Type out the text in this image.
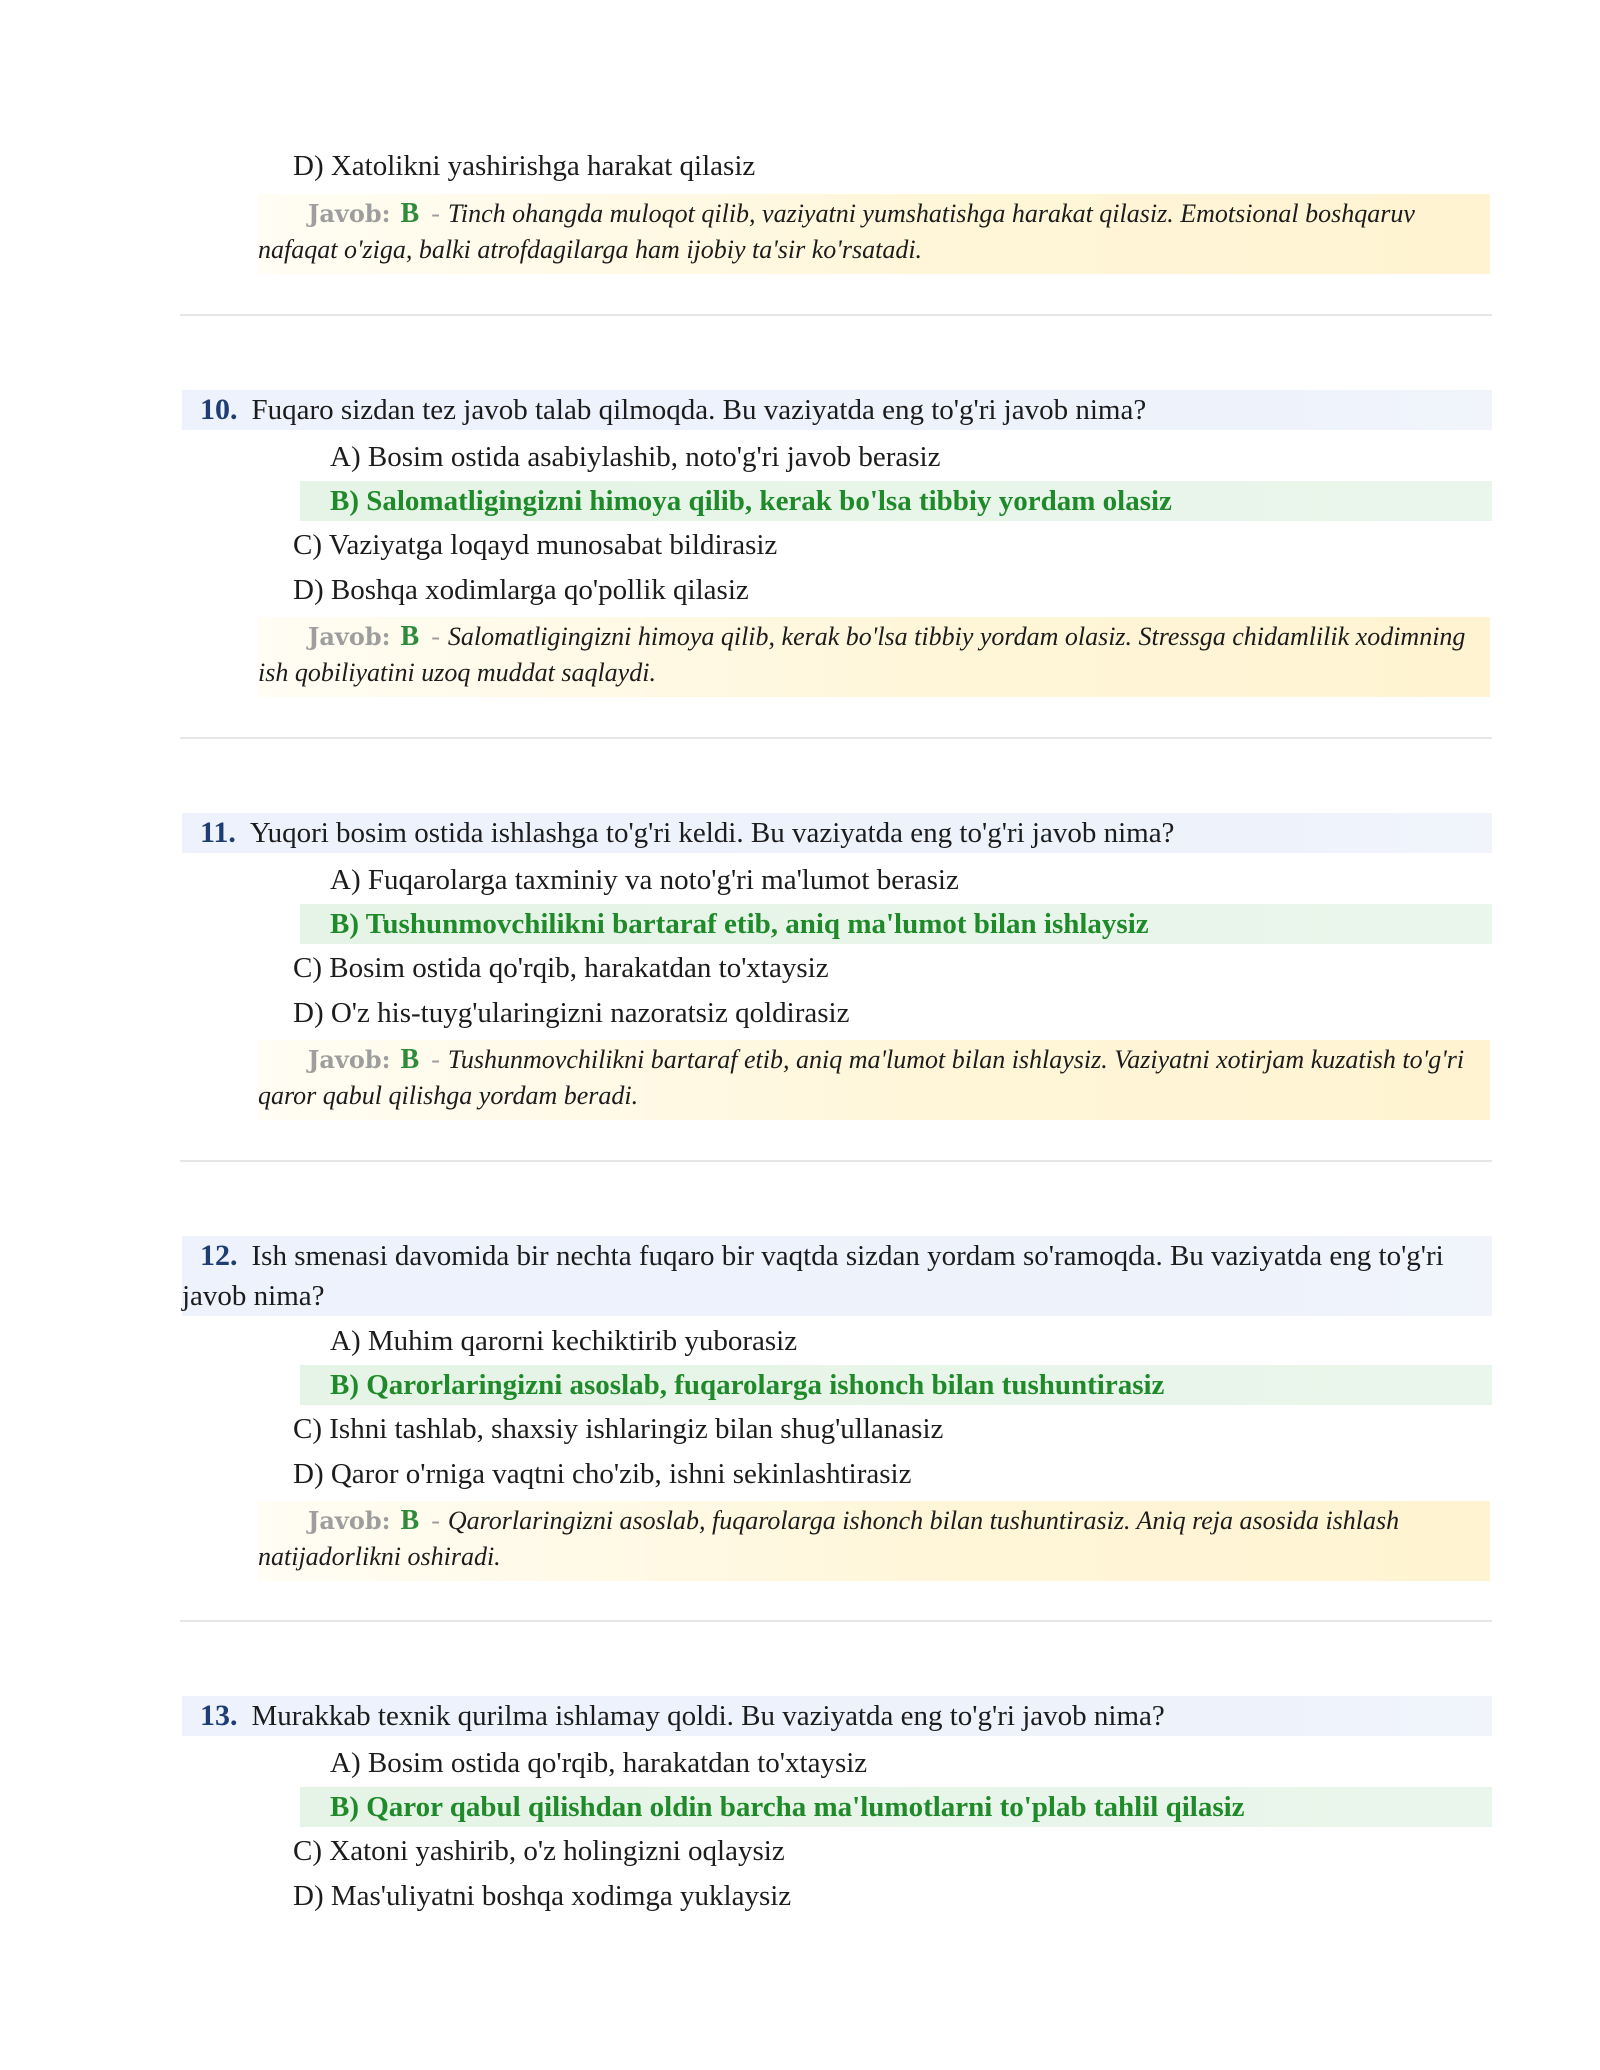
D) Xatolikni yashirishga harakat qilasiz
Javob: B - Tinch ohangda muloqot qilib, vaziyatni yumshatishga harakat qilasiz. Emotsional boshqaruv nafaqat o'ziga, balki atrofdagilarga ham ijobiy ta'sir ko'rsatadi.
10. Fuqaro sizdan tez javob talab qilmoqda. Bu vaziyatda eng to'g'ri javob nima?
A) Bosim ostida asabiylashib, noto'g'ri javob berasiz
B) Salomatligingizni himoya qilib, kerak bo'lsa tibbiy yordam olasiz
C) Vaziyatga loqayd munosabat bildirasiz
D) Boshqa xodimlarga qo'pollik qilasiz
Javob: B - Salomatligingizni himoya qilib, kerak bo'lsa tibbiy yordam olasiz. Stressga chidamlilik xodimning ish qobiliyatini uzoq muddat saqlaydi.
11. Yuqori bosim ostida ishlashga to'g'ri keldi. Bu vaziyatda eng to'g'ri javob nima?
A) Fuqarolarga taxminiy va noto'g'ri ma'lumot berasiz
B) Tushunmovchilikni bartaraf etib, aniq ma'lumot bilan ishlaysiz
C) Bosim ostida qo'rqib, harakatdan to'xtaysiz
D) O'z his-tuyg'ularingizni nazoratsiz qoldirasiz
Javob: B - Tushunmovchilikni bartaraf etib, aniq ma'lumot bilan ishlaysiz. Vaziyatni xotirjam kuzatish to'g'ri qaror qabul qilishga yordam beradi.
12. Ish smenasi davomida bir nechta fuqaro bir vaqtda sizdan yordam so'ramoqda. Bu vaziyatda eng to'g'ri javob nima?
A) Muhim qarorni kechiktirib yuborasiz
B) Qarorlaringizni asoslab, fuqarolarga ishonch bilan tushuntirasiz
C) Ishni tashlab, shaxsiy ishlaringiz bilan shug'ullanasiz
D) Qaror o'rniga vaqtni cho'zib, ishni sekinlashtirasiz
Javob: B - Qarorlaringizni asoslab, fuqarolarga ishonch bilan tushuntirasiz. Aniq reja asosida ishlash natijadorlikni oshiradi.
13. Murakkab texnik qurilma ishlamay qoldi. Bu vaziyatda eng to'g'ri javob nima?
A) Bosim ostida qo'rqib, harakatdan to'xtaysiz
B) Qaror qabul qilishdan oldin barcha ma'lumotlarni to'plab tahlil qilasiz
C) Xatoni yashirib, o'z holingizni oqlaysiz
D) Mas'uliyatni boshqa xodimga yuklaysiz
